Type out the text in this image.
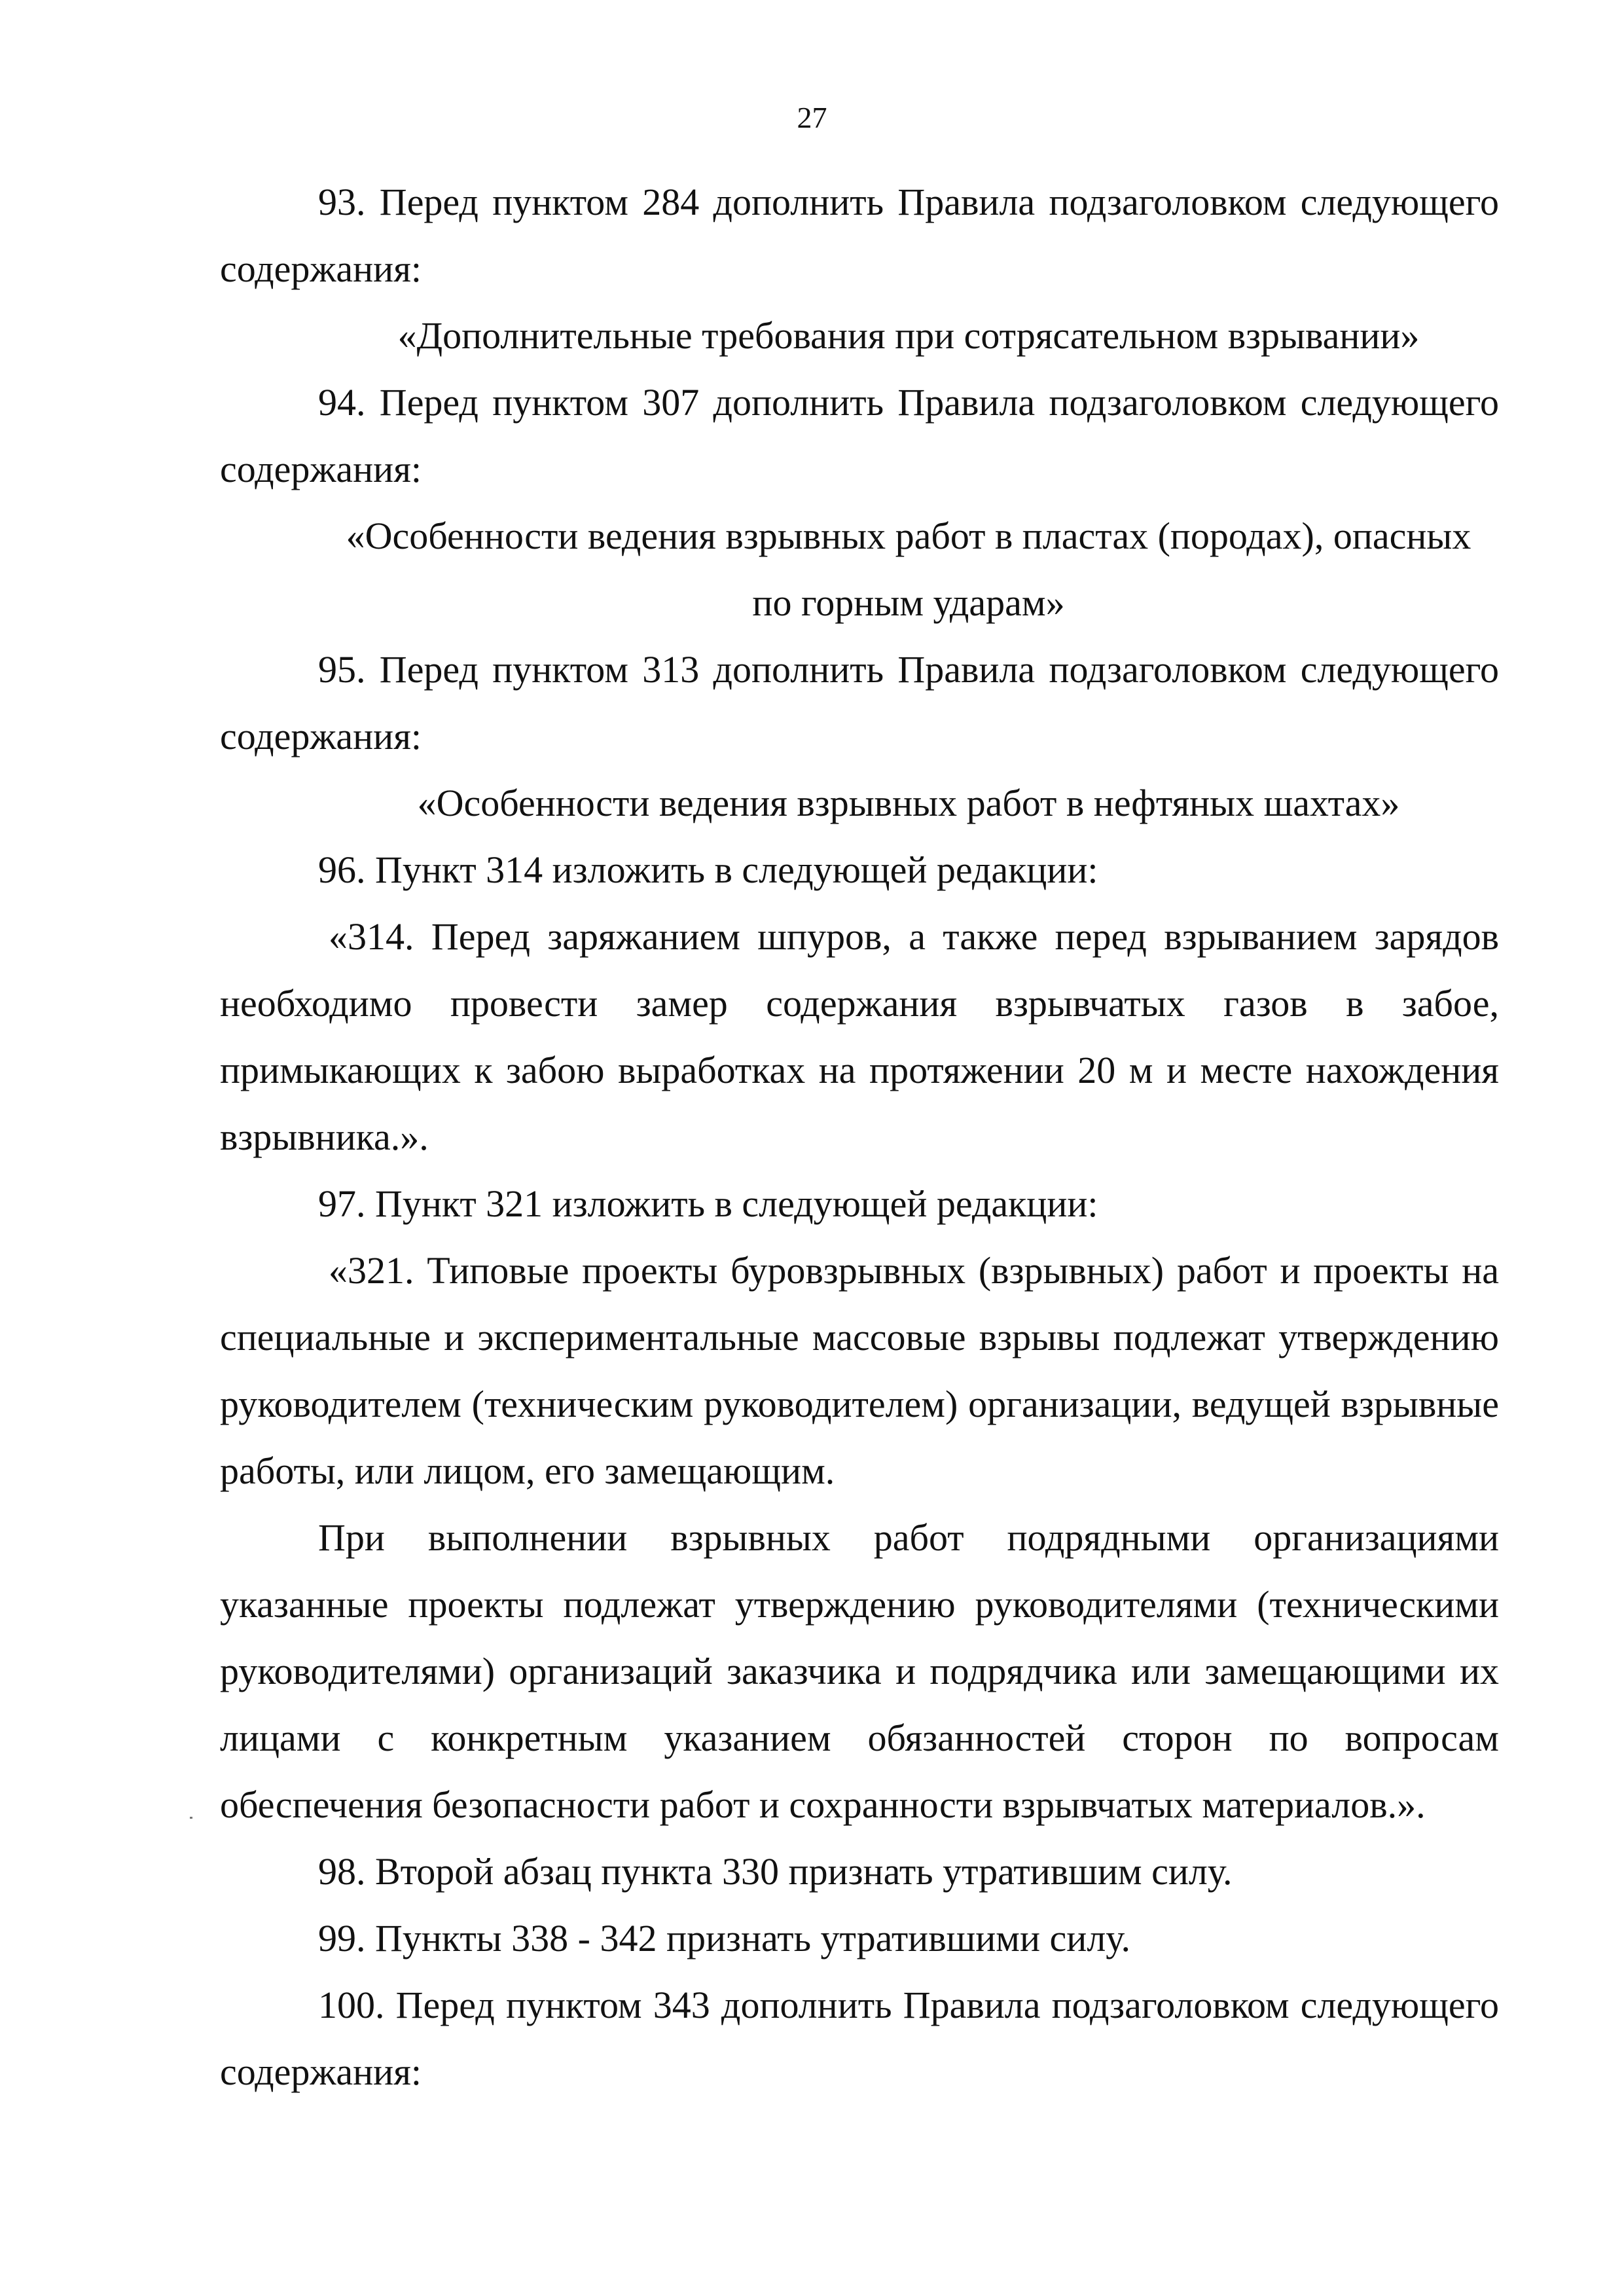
27

93. Перед пунктом 284 дополнить Правила подзаголовком следующего содержания:

«Дополнительные требования при сотрясательном взрывании»

94. Перед пунктом 307 дополнить Правила подзаголовком следующего содержания:

«Особенности ведения взрывных работ в пластах (породах), опасных

по горным ударам»

95. Перед пунктом 313 дополнить Правила подзаголовком следующего содержания:

«Особенности ведения взрывных работ в нефтяных шахтах»

96. Пункт 314 изложить в следующей редакции:

«314. Перед заряжанием шпуров, а также перед взрыванием зарядов необходимо провести замер содержания взрывчатых газов в забое, примыкающих к забою выработках на протяжении 20 м и месте нахождения взрывника.».

97. Пункт 321 изложить в следующей редакции:

«321. Типовые проекты буровзрывных (взрывных) работ и проекты на специальные и экспериментальные массовые взрывы подлежат утверждению руководителем (техническим руководителем) организации, ведущей взрывные работы, или лицом, его замещающим.

При выполнении взрывных работ подрядными организациями указанные проекты подлежат утверждению руководителями (техническими руководителями) организаций заказчика и подрядчика или замещающими их лицами с конкретным указанием обязанностей сторон по вопросам обеспечения безопасности работ и сохранности взрывчатых материалов.».

98. Второй абзац пункта 330 признать утратившим силу.

99. Пункты 338 - 342 признать утратившими силу.

100. Перед пунктом 343 дополнить Правила подзаголовком следующего содержания:
